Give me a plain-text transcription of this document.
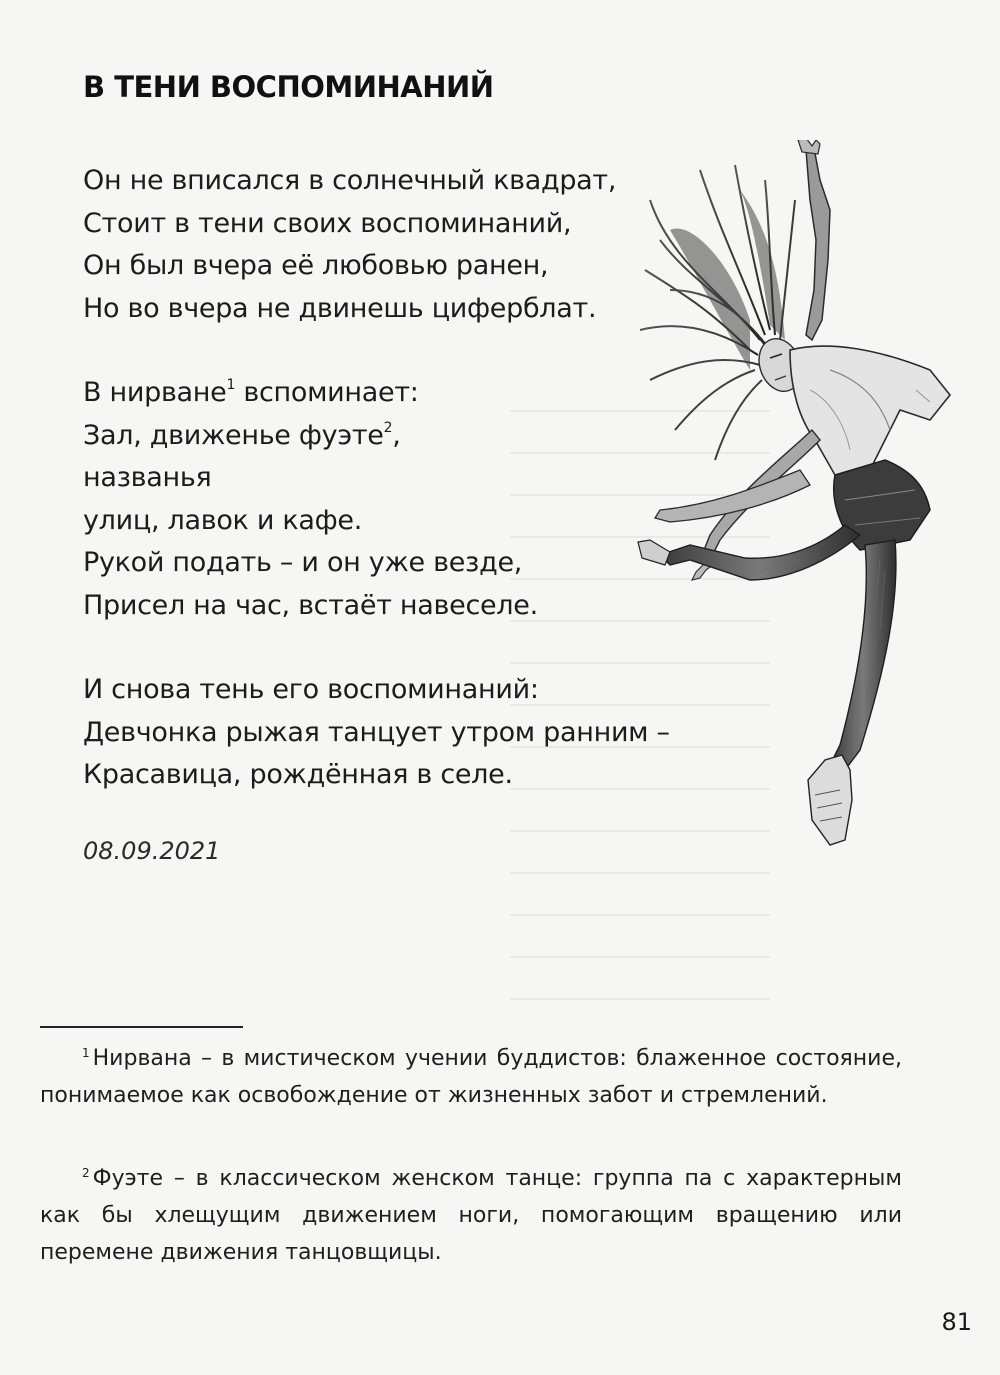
В ТЕНИ ВОСПОМИНАНИЙ
Он не вписался в солнечный квадрат,
Стоит в тени своих воспоминаний,
Он был вчера её любовью ранен,
Но во вчера не двинешь циферблат.
В нирване$^1$ вспоминает:
Зал, движенье фуэте$^2$,
названья
улиц, лавок и кафе.
Рукой подать – и он уже везде,
Присел на час, встаёт навеселе.
И снова тень его воспоминаний:
Девчонка рыжая танцует утром ранним –
Красавица, рождённая в селе.
08.09.2021

$^1$ Нирвана – в мистическом учении буддистов: блаженное состояние, понимаемое как освобождение от жизненных забот и стремлений.

$^2$ Фуэте – в классическом женском танце: группа па с характерным как бы хлещущим движением ноги, помогающим вращению или перемене движения танцовщицы.

81
